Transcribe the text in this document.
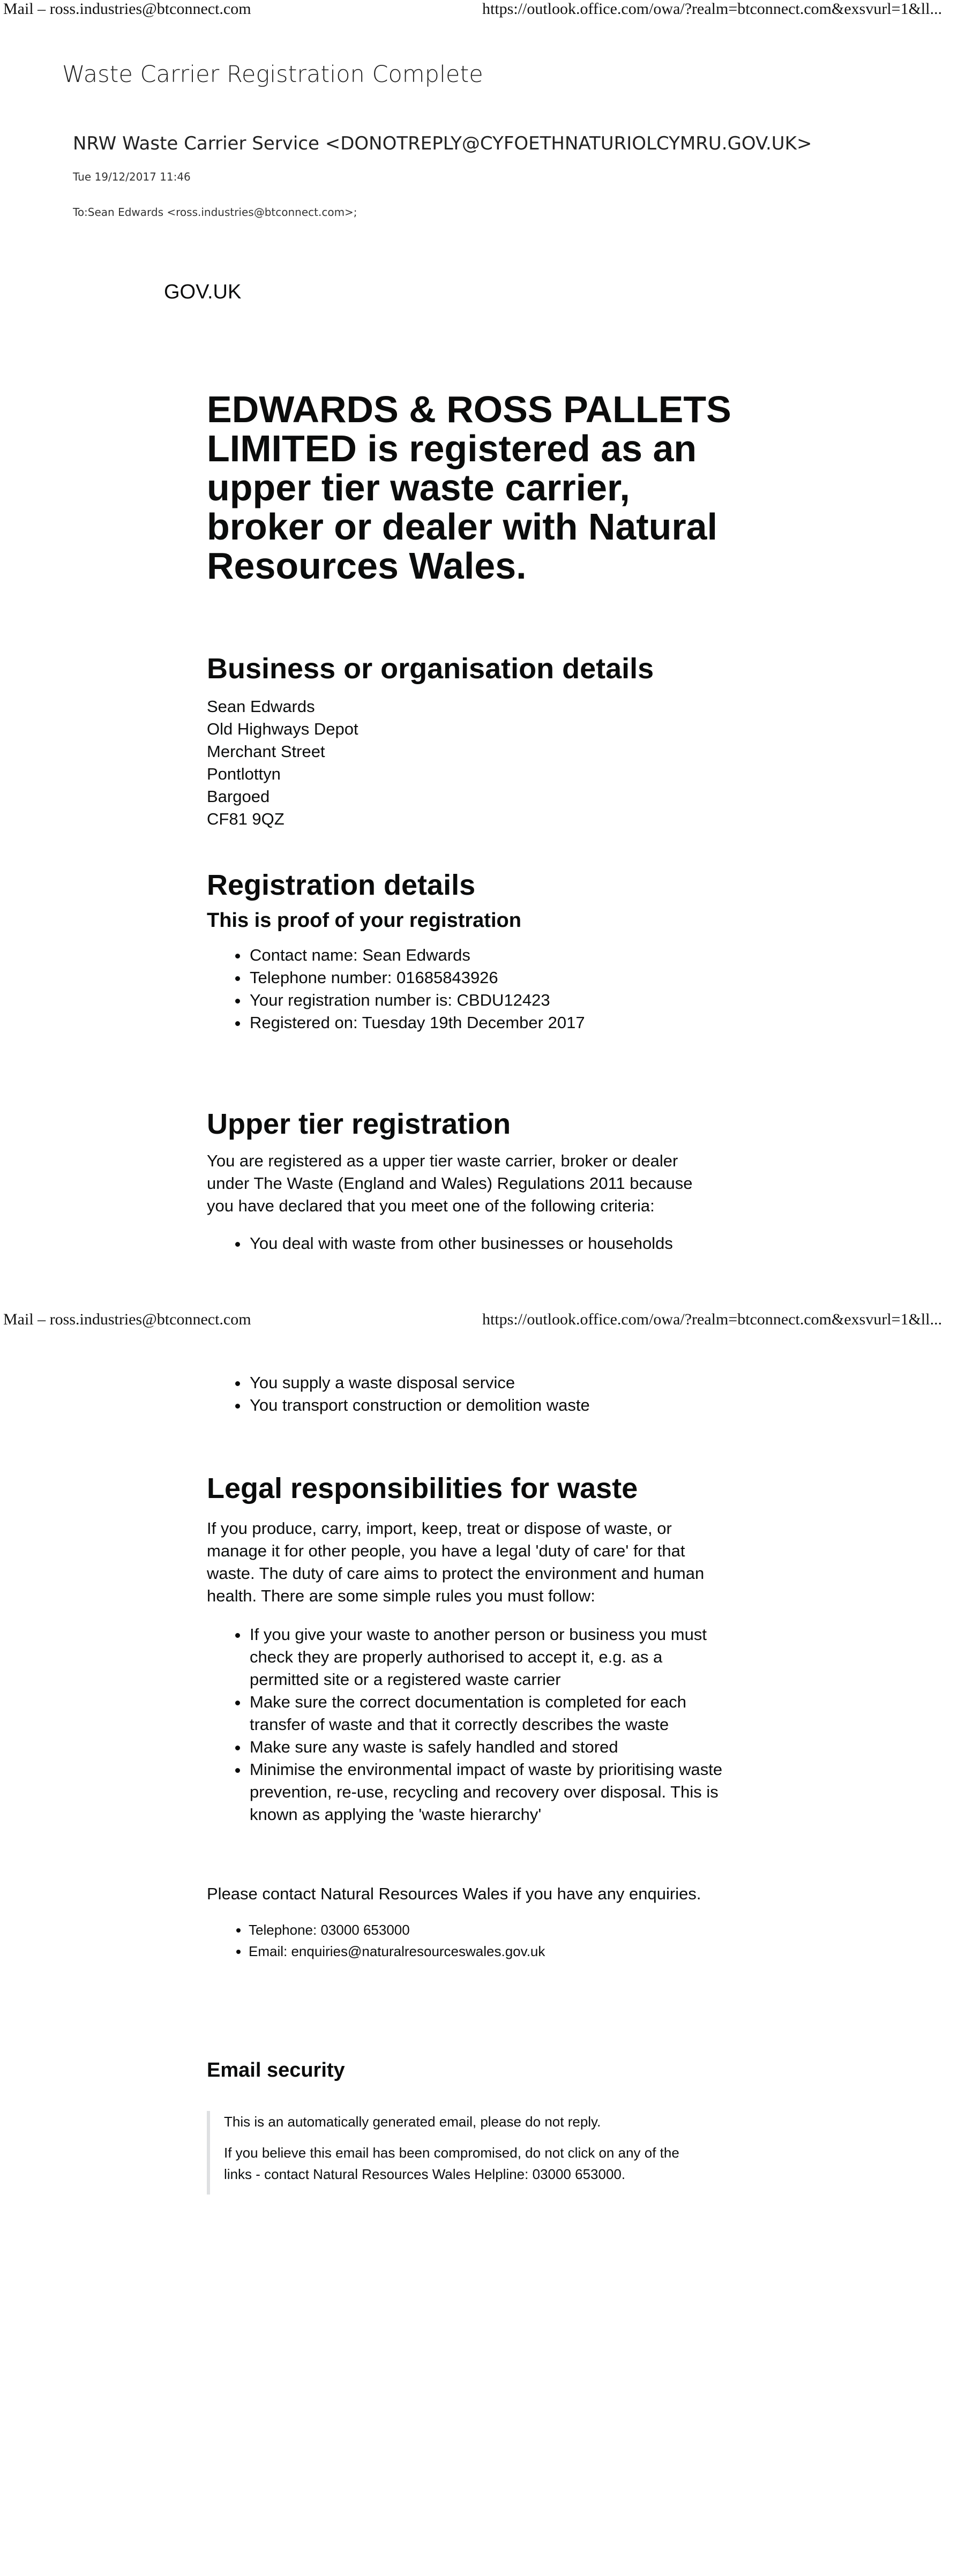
Mail – ross.industries@btconnect.com	https://outlook.office.com/owa/?realm=btconnect.com&exsvurl=1&ll...
Waste Carrier Registration Complete
NRW Waste Carrier Service <DONOTREPLY@CYFOETHNATURIOLCYMRU.GOV.UK>
Tue 19/12/2017 11:46
To:Sean Edwards <ross.industries@btconnect.com>;
GOV.UK
EDWARDS & ROSS PALLETS
LIMITED is registered as an
upper tier waste carrier,
broker or dealer with Natural
Resources Wales.
Business or organisation details
Sean Edwards
Old Highways Depot
Merchant Street
Pontlottyn
Bargoed
CF81 9QZ
Registration details
This is proof of your registration
• Contact name: Sean Edwards
• Telephone number: 01685843926
• Your registration number is: CBDU12423
• Registered on: Tuesday 19th December 2017
Upper tier registration

You are registered as a upper tier waste carrier, broker or dealer
under The Waste (England and Wales) Regulations 2011 because
you have declared that you meet one of the following criteria:

• You deal with waste from other businesses or households
Mail – ross.industries@btconnect.com	https://outlook.office.com/owa/?realm=btconnect.com&exsvurl=1&ll...
• You supply a waste disposal service
• You transport construction or demolition waste
Legal responsibilities for waste

If you produce, carry, import, keep, treat or dispose of waste, or
manage it for other people, you have a legal 'duty of care' for that
waste. The duty of care aims to protect the environment and human
health. There are some simple rules you must follow:

• If you give your waste to another person or business you must
check they are properly authorised to accept it, e.g. as a
permitted site or a registered waste carrier
• Make sure the correct documentation is completed for each
transfer of waste and that it correctly describes the waste
• Make sure any waste is safely handled and stored
• Minimise the environmental impact of waste by prioritising waste
prevention, re-use, recycling and recovery over disposal. This is
known as applying the 'waste hierarchy'

Please contact Natural Resources Wales if you have any enquiries.

• Telephone: 03000 653000
• Email: enquiries@naturalresourceswales.gov.uk
Email security

This is an automatically generated email, please do not reply.

If you believe this email has been compromised, do not click on any of the
links - contact Natural Resources Wales Helpline: 03000 653000.
